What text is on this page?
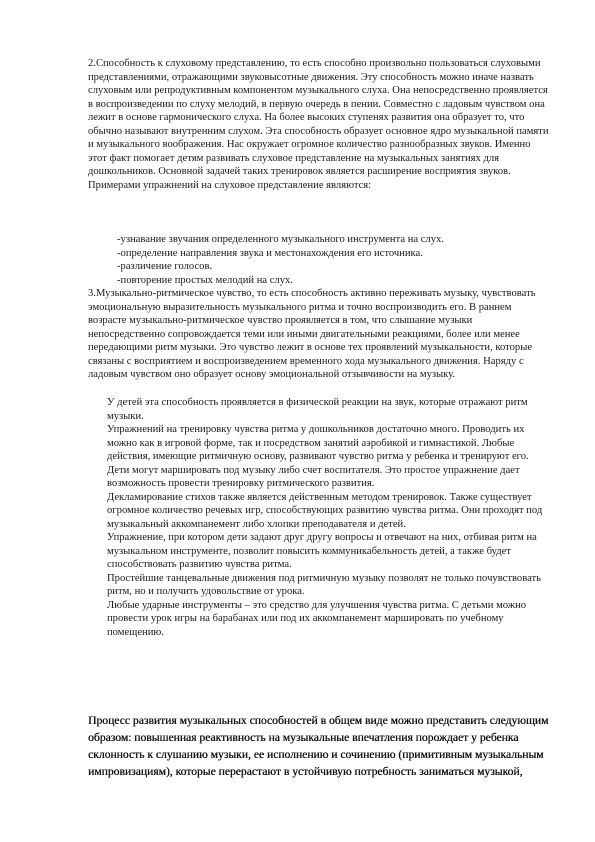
2.Способность к слуховому представлению, то есть способно произвольно пользоваться слуховыми представлениями, отражающими звуковысотные движения. Эту способность можно иначе назвать слуховым или репродуктивным компонентом музыкального слуха. Она непосредственно проявляется в воспроизведении по слуху мелодий, в первую очередь в пении. Совместно с ладовым чувством она лежит в основе гармонического слуха. На более высоких ступенях развития она образует то, что обычно называют внутренним слухом. Эта способность образует основное ядро музыкальной памяти и музыкального воображения. Нас окружает огромное количество разнообразных звуков. Именно этот факт помогает детям развивать слуховое представление на музыкальных занятиях для дошкольников. Основной задачей таких тренировок является расширение восприятия звуков. Примерами упражнений на слуховое представление являются:

-узнавание звучания определенного музыкального инструмента на слух.
-определение направления звука и местонахождения его источника.
-различение голосов.
-повторение простых мелодий на слух.

3.Музыкально-ритмическое чувство, то есть способность активно переживать музыку, чувствовать эмоциональную выразительность музыкального ритма и точно воспроизводить его. В раннем возрасте музыкально-ритмическое чувство проявляется в том, что слышание музыки непосредственно сопровождается теми или иными двигательными реакциями, более или менее передающими ритм музыки. Это чувство лежит в основе тех проявлений музыкальности, которые связаны с восприятием и воспроизведением временного хода музыкального движения. Наряду с ладовым чувством оно образует основу эмоциональной отзывчивости на музыку.

У детей эта способность проявляется в физической реакции на звук, которые отражают ритм музыки.
Упражнений на тренировку чувства ритма у дошкольников достаточно много. Проводить их можно как в игровой форме, так и посредством занятий аэробикой и гимнастикой. Любые действия, имеющие ритмичную основу, развивают чувство ритма у ребенка и тренируют его.
Дети могут маршировать под музыку либо счет воспитателя. Это простое упражнение дает возможность провести тренировку ритмического развития.
Декламирование стихов также является действенным методом тренировок. Также существует огромное количество речевых игр, способствующих развитию чувства ритма. Они проходят под музыкальный аккомпанемент либо хлопки преподавателя и детей.
Упражнение, при котором дети задают друг другу вопросы и отвечают на них, отбивая ритм на музыкальном инструменте, позволит повысить коммуникабельность детей, а также будет способствовать развитию чувства ритма.
Простейшие танцевальные движения под ритмичную музыку позволят не только почувствовать ритм, но и получить удовольствие от урока.
Любые ударные инструменты – это средство для улучшения чувства ритма. С детьми можно провести урок игры на барабанах или под их аккомпанемент маршировать по учебному помещению.

Процесс развития музыкальных способностей в общем виде можно представить следующим образом: повышенная реактивность на музыкальные впечатления порождает у ребенка склонность к слушанию музыки, ее исполнению и сочинению (примитивным музыкальным импровизациям), которые перерастают в устойчивую потребность заниматься музыкой,
